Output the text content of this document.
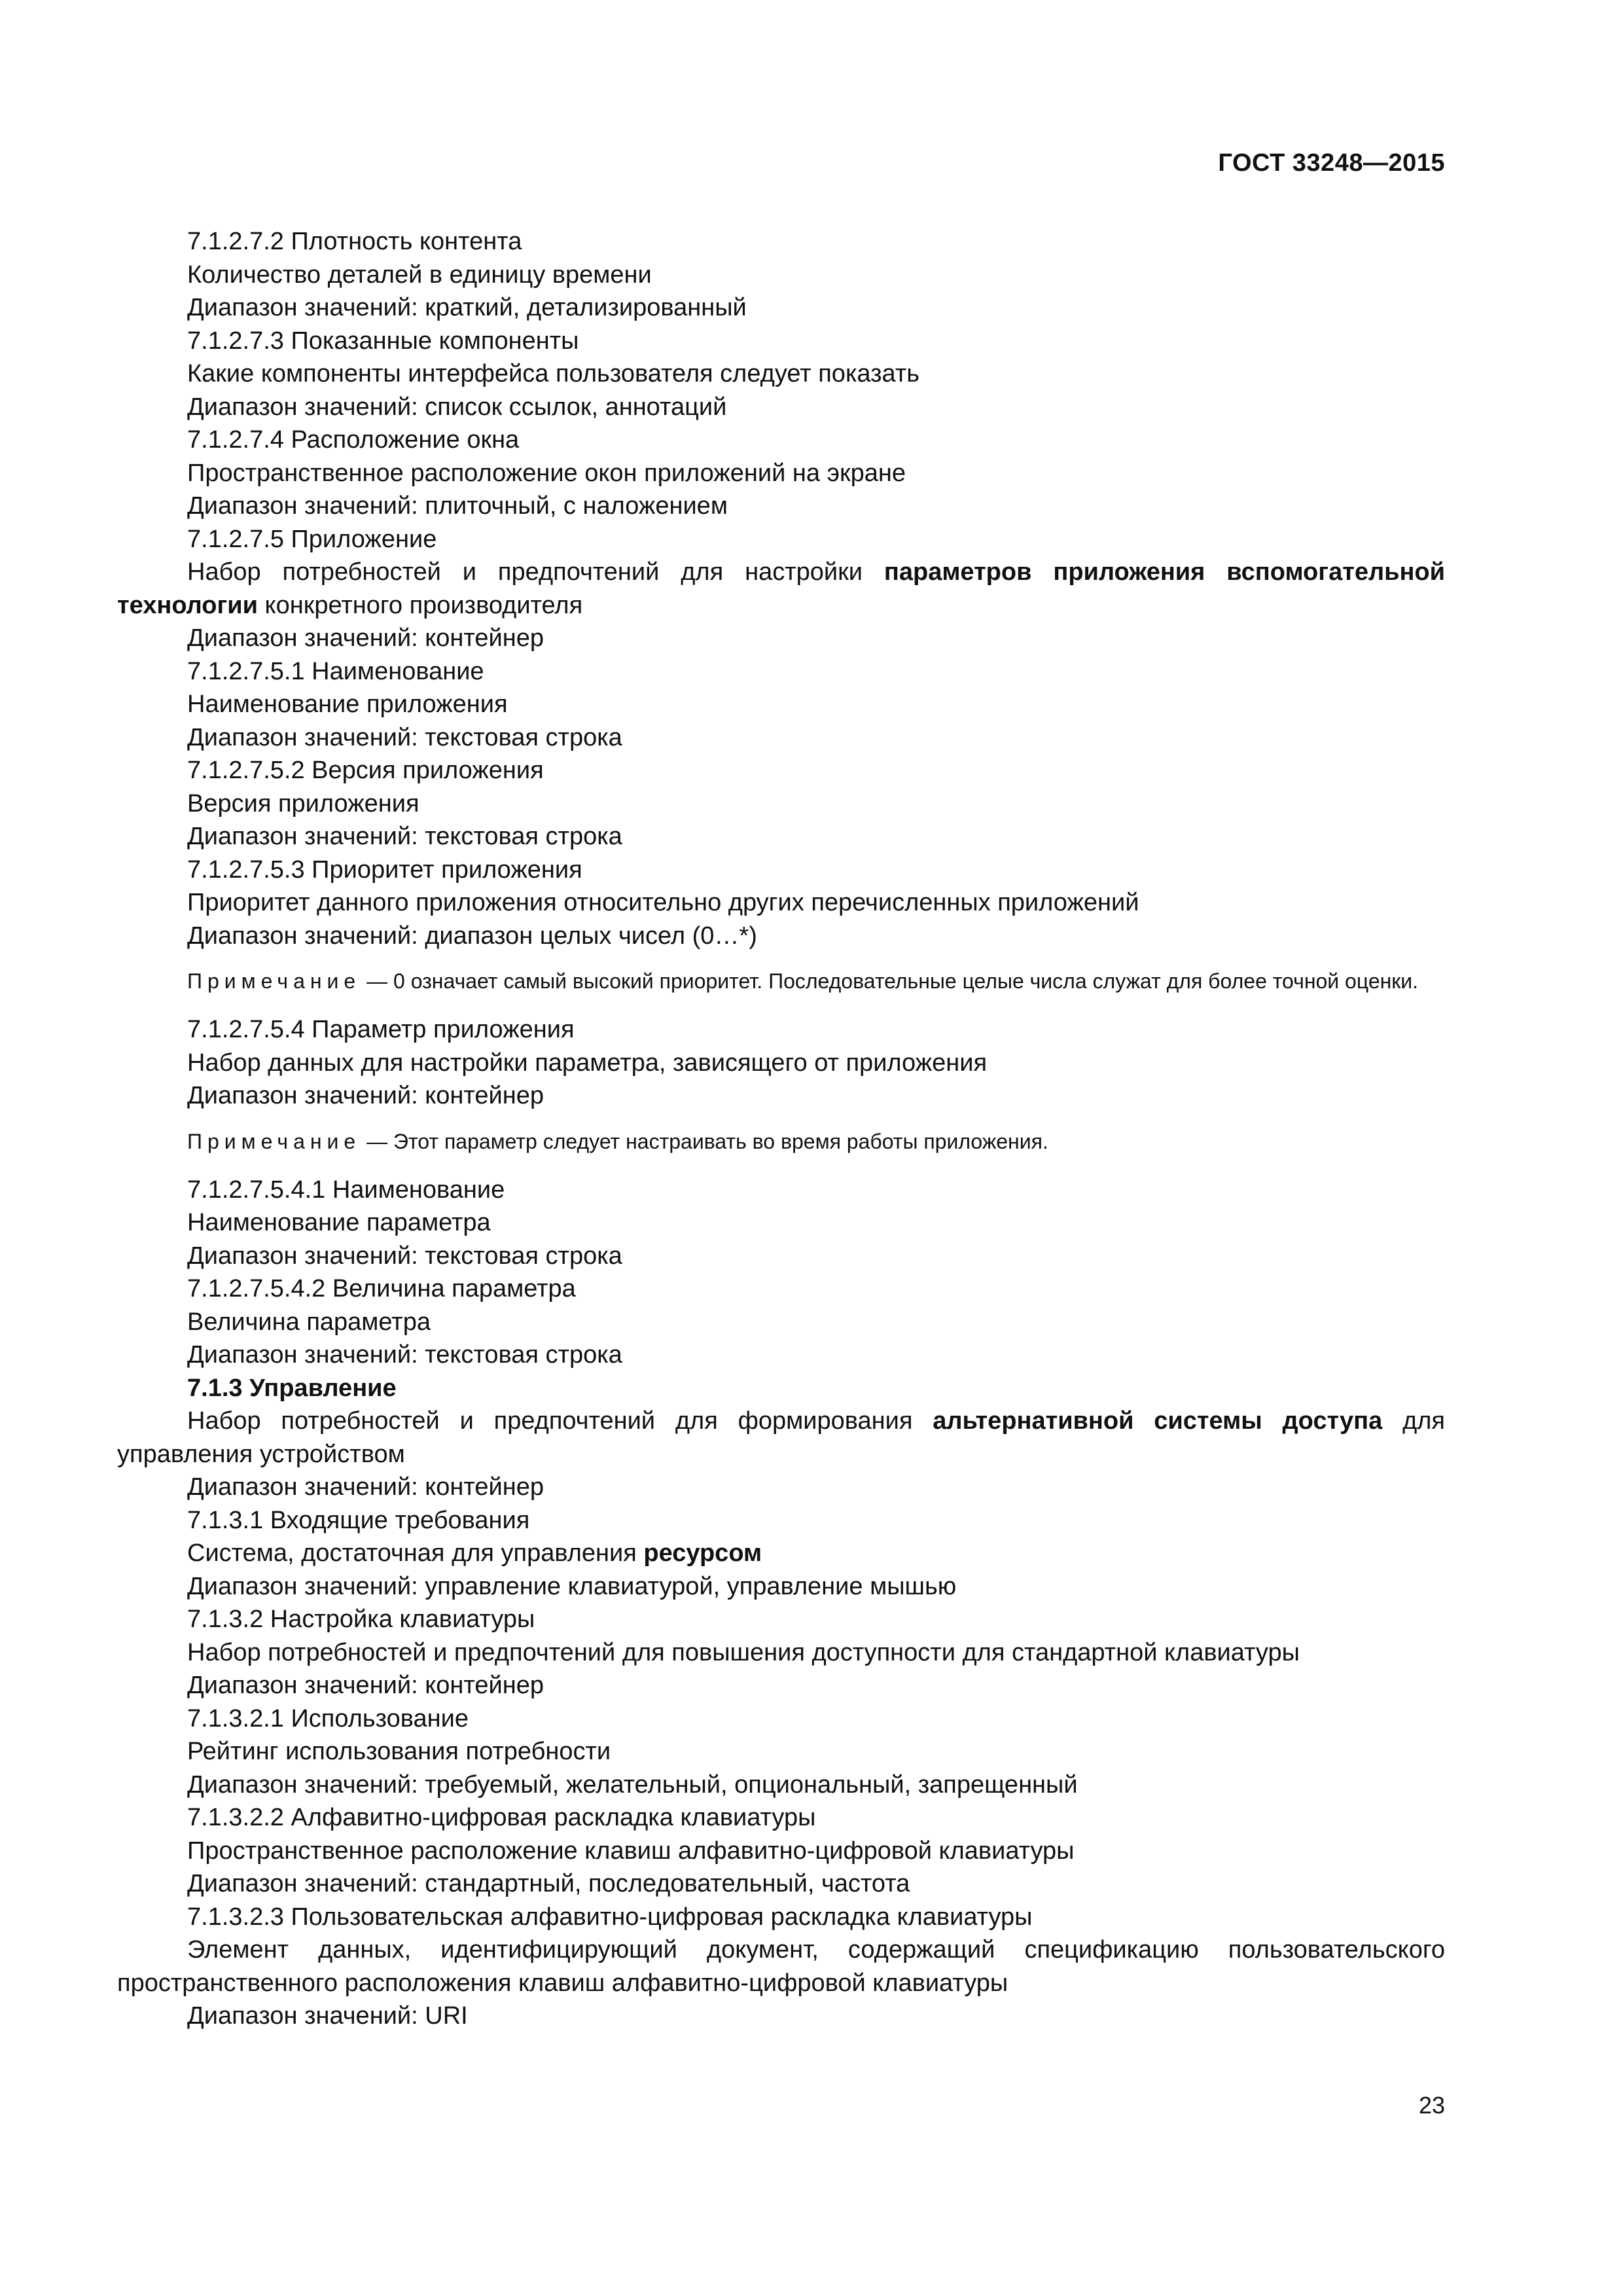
ГОСТ 33248—2015

7.1.2.7.2 Плотность контента

Количество деталей в единицу времени

Диапазон значений: краткий, детализированный

7.1.2.7.3 Показанные компоненты

Какие компоненты интерфейса пользователя следует показать

Диапазон значений: список ссылок, аннотаций

7.1.2.7.4 Расположение окна

Пространственное расположение окон приложений на экране

Диапазон значений: плиточный, с наложением

7.1.2.7.5 Приложение

Набор потребностей и предпочтений для настройки параметров приложения вспомогательной технологии конкретного производителя

Диапазон значений: контейнер

7.1.2.7.5.1 Наименование

Наименование приложения

Диапазон значений: текстовая строка

7.1.2.7.5.2 Версия приложения

Версия приложения

Диапазон значений: текстовая строка

7.1.2.7.5.3 Приоритет приложения

Приоритет данного приложения относительно других перечисленных приложений

Диапазон значений: диапазон целых чисел (0…*)

Примечание — 0 означает самый высокий приоритет. Последовательные целые числа служат для более точной оценки.

7.1.2.7.5.4 Параметр приложения

Набор данных для настройки параметра, зависящего от приложения

Диапазон значений: контейнер

Примечание — Этот параметр следует настраивать во время работы приложения.

7.1.2.7.5.4.1 Наименование

Наименование параметра

Диапазон значений: текстовая строка

7.1.2.7.5.4.2 Величина параметра

Величина параметра

Диапазон значений: текстовая строка

7.1.3 Управление

Набор потребностей и предпочтений для формирования альтернативной системы доступа для управления устройством

Диапазон значений: контейнер

7.1.3.1 Входящие требования

Система, достаточная для управления ресурсом

Диапазон значений: управление клавиатурой, управление мышью

7.1.3.2 Настройка клавиатуры

Набор потребностей и предпочтений для повышения доступности для стандартной клавиатуры

Диапазон значений: контейнер

7.1.3.2.1 Использование

Рейтинг использования потребности

Диапазон значений: требуемый, желательный, опциональный, запрещенный

7.1.3.2.2 Алфавитно-цифровая раскладка клавиатуры

Пространственное расположение клавиш алфавитно-цифровой клавиатуры

Диапазон значений: стандартный, последовательный, частота

7.1.3.2.3 Пользовательская алфавитно-цифровая раскладка клавиатуры

Элемент данных, идентифицирующий документ, содержащий спецификацию пользовательского пространственного расположения клавиш алфавитно-цифровой клавиатуры

Диапазон значений: URI

23
